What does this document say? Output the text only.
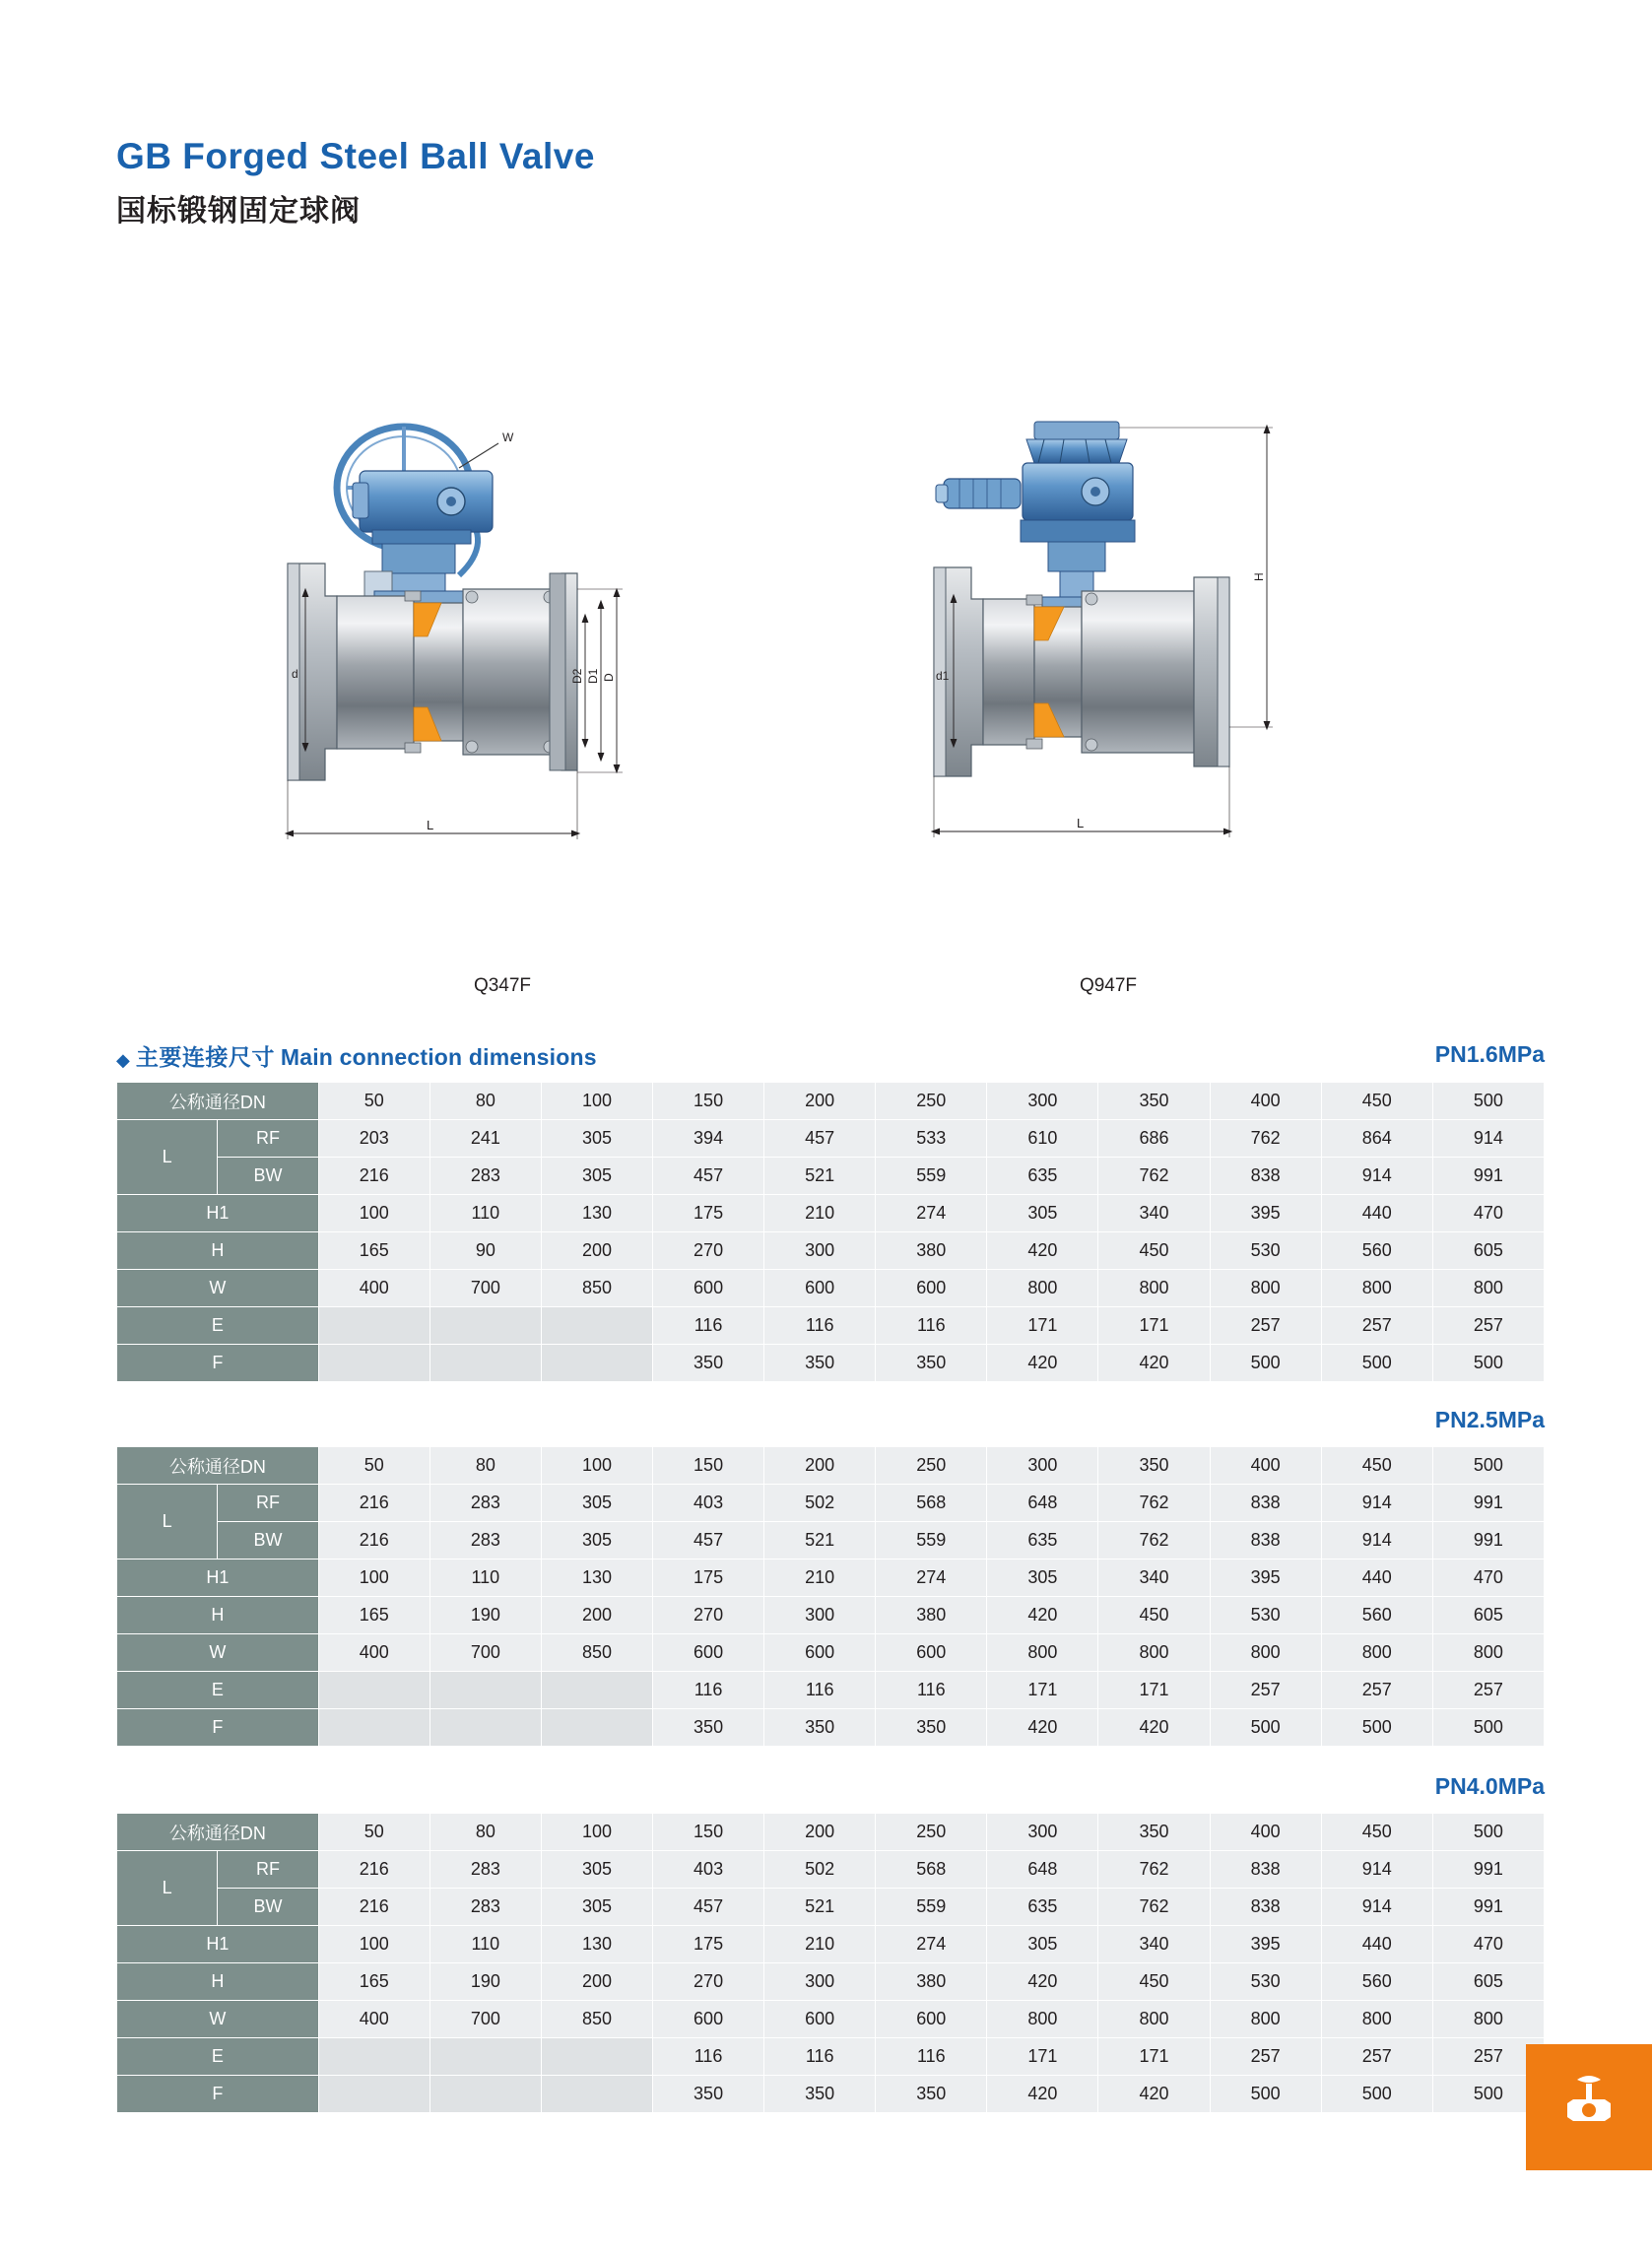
GB Forged Steel Ball Valve
国标锻钢固定球阀
W
d	D2 D1 D
L
d1
H
L
Q347F	Q947F
◆ 主要连接尺寸 Main connection dimensions	PN1.6MPa
PN2.5MPa
PN4.0MPa
公称通径DN		50	80	100	150	200	250	300	350	400	450	500
L	RF	203	241	305	394	457	533	610	686	762	864	914
	BW	216	283	305	457	521	559	635	762	838	914	991
H1		100	110	130	175	210	274	305	340	395	440	470
H		165	90	200	270	300	380	420	450	530	560	605
W		400	700	850	600	600	600	800	800	800	800	800
E					116	116	116	171	171	257	257	257
F					350	350	350	420	420	500	500	500
公称通径DN		50	80	100	150	200	250	300	350	400	450	500
L	RF	216	283	305	403	502	568	648	762	838	914	991
	BW	216	283	305	457	521	559	635	762	838	914	991
H1		100	110	130	175	210	274	305	340	395	440	470
H		165	190	200	270	300	380	420	450	530	560	605
W		400	700	850	600	600	600	800	800	800	800	800
E					116	116	116	171	171	257	257	257
F					350	350	350	420	420	500	500	500
公称通径DN		50	80	100	150	200	250	300	350	400	450	500
L	RF	216	283	305	403	502	568	648	762	838	914	991
	BW	216	283	305	457	521	559	635	762	838	914	991
H1		100	110	130	175	210	274	305	340	395	440	470
H		165	190	200	270	300	380	420	450	530	560	605
W		400	700	850	600	600	600	800	800	800	800	800
E					116	116	116	171	171	257	257	257
F					350	350	350	420	420	500	500	500
